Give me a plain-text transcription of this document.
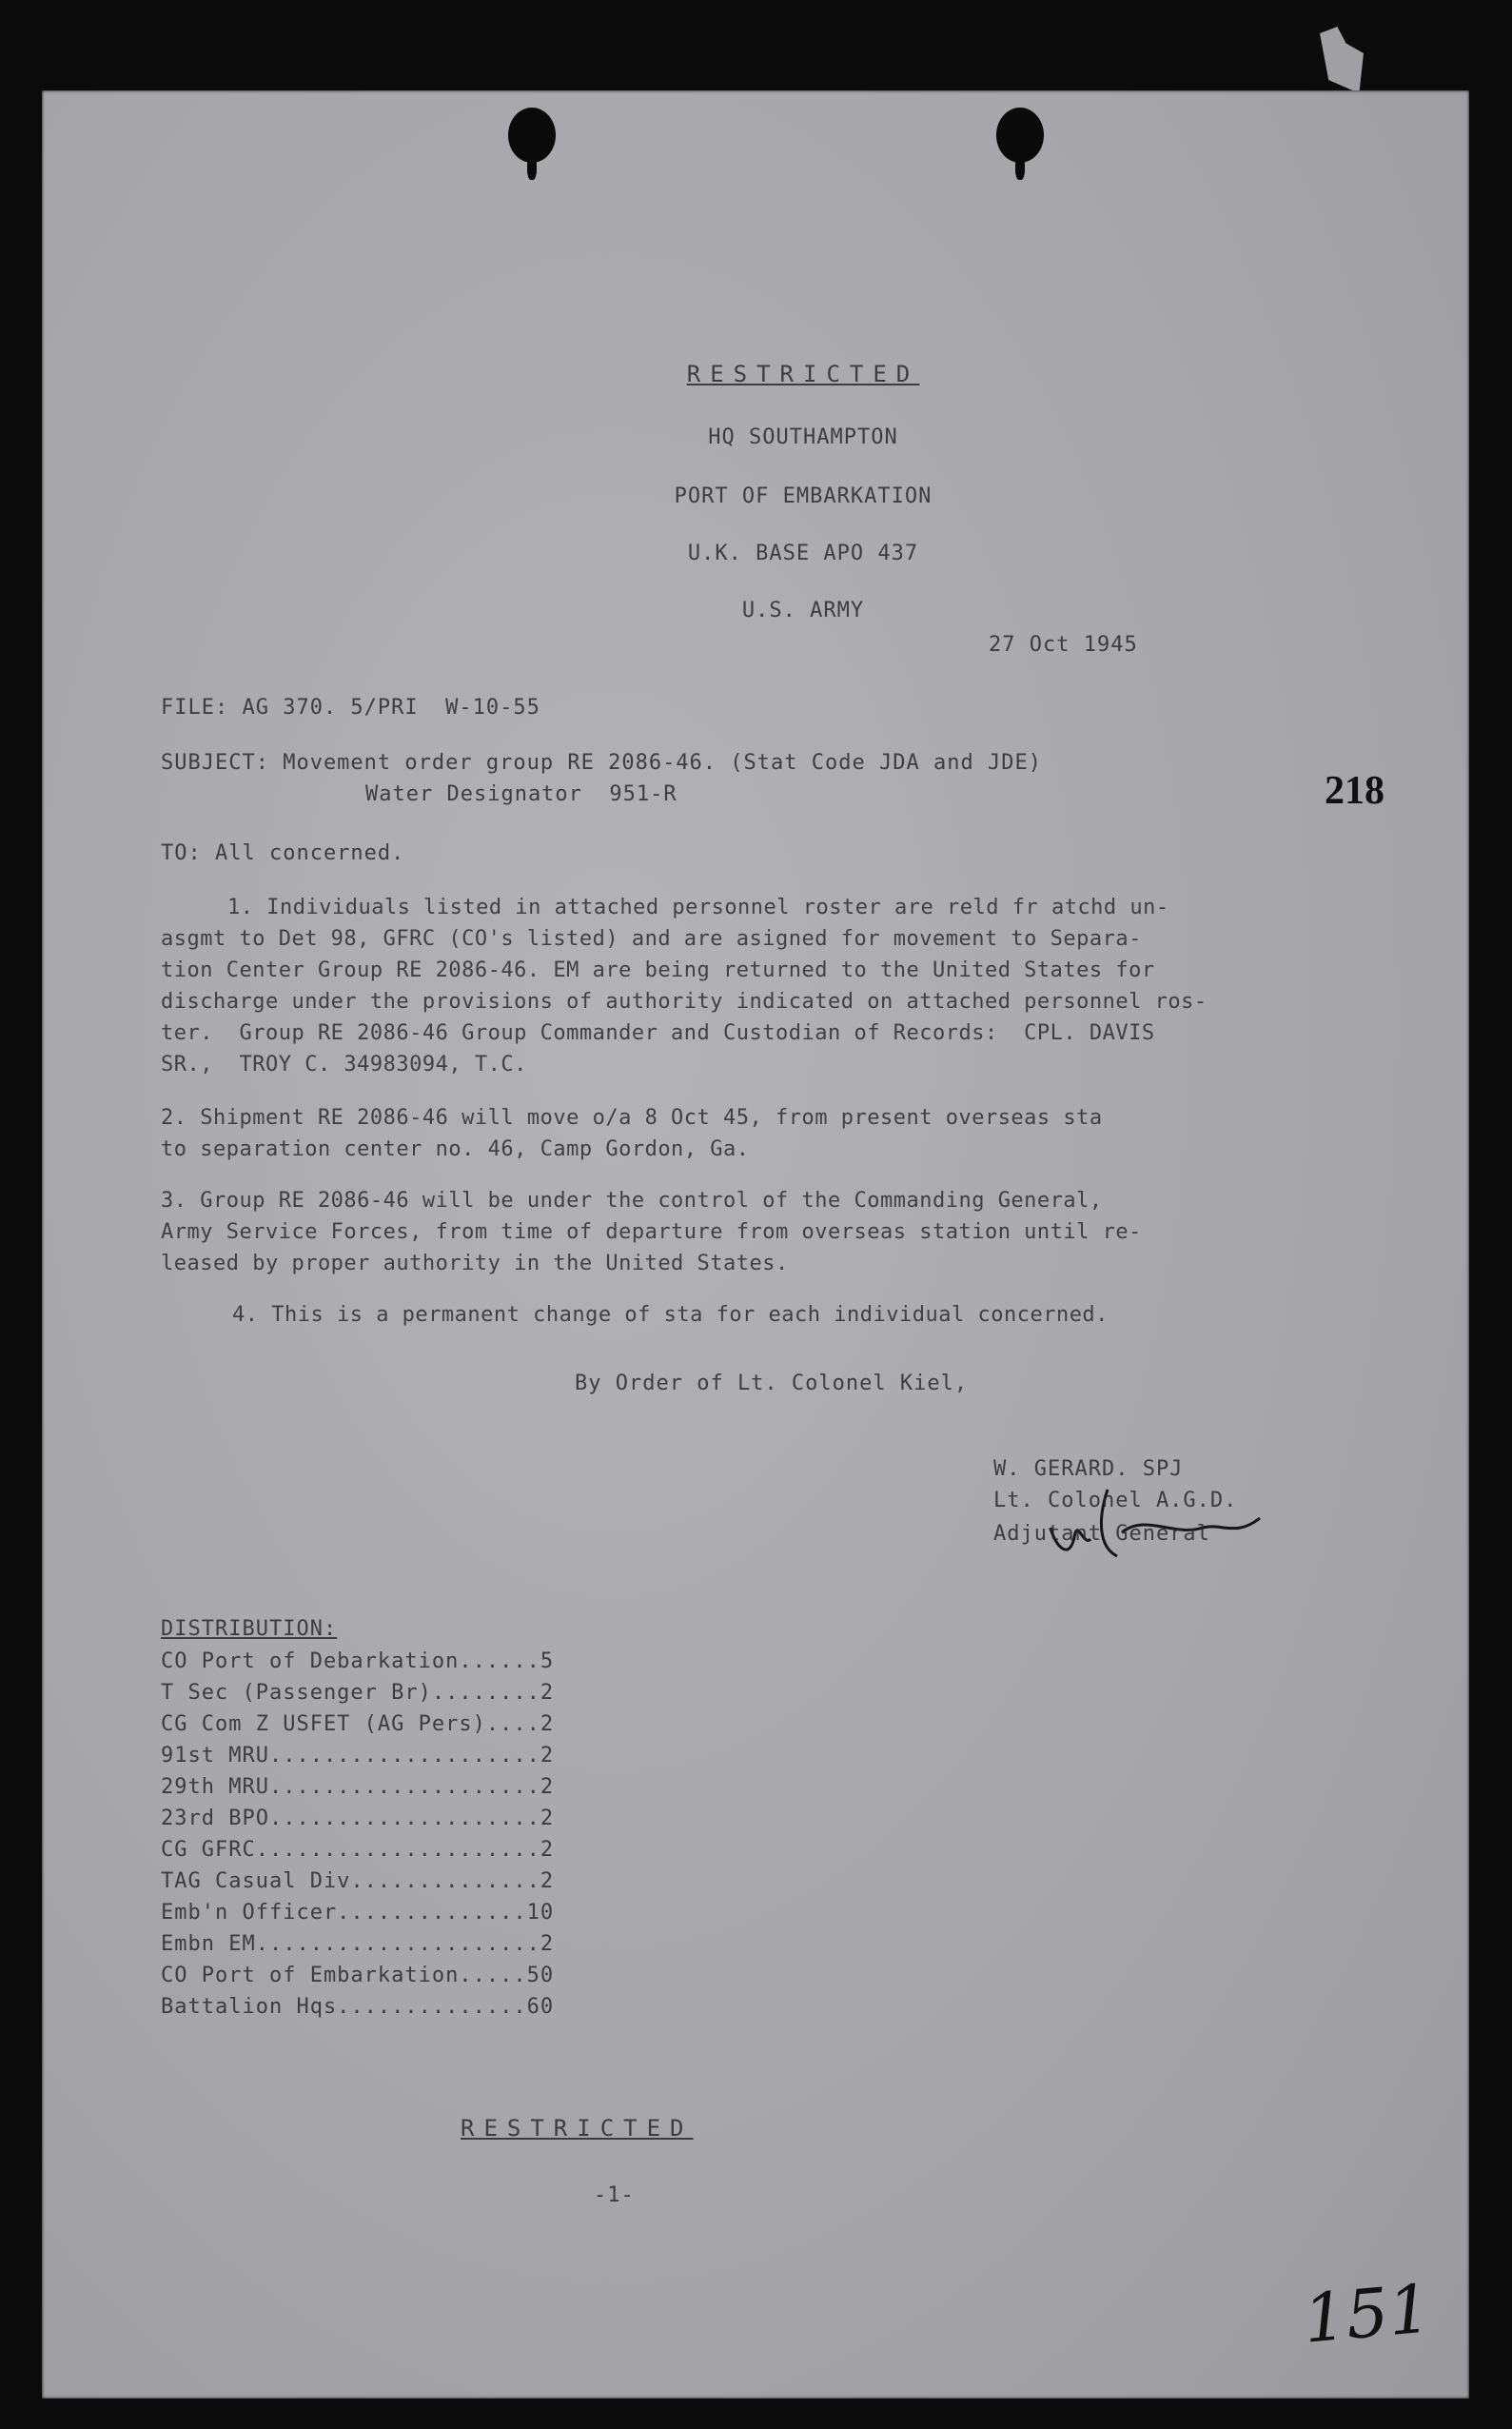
RESTRICTED
HQ SOUTHAMPTON
PORT OF EMBARKATION
U.K. BASE APO 437
U.S. ARMY
27 Oct 1945
218
FILE: AG 370. 5/PRI  W-10-55
SUBJECT: Movement order group RE 2086-46. (Stat Code JDA and JDE)
Water Designator  951-R
TO: All concerned.
1. Individuals listed in attached personnel roster are reld fr atchd un-
asgmt to Det 98, GFRC (CO's listed) and are asigned for movement to Separa-
tion Center Group RE 2086-46. EM are being returned to the United States for
discharge under the provisions of authority indicated on attached personnel ros-
ter.  Group RE 2086-46 Group Commander and Custodian of Records:  CPL. DAVIS
SR.,  TROY C. 34983094, T.C.
2. Shipment RE 2086-46 will move o/a 8 Oct 45, from present overseas sta
to separation center no. 46, Camp Gordon, Ga.
3. Group RE 2086-46 will be under the control of the Commanding General,
Army Service Forces, from time of departure from overseas station until re-
leased by proper authority in the United States.
4. This is a permanent change of sta for each individual concerned.
By Order of Lt. Colonel Kiel,
W. GERARD. SPJ
Lt. Colonel A.G.D.
Adjutant General
DISTRIBUTION:
CO Port of Debarkation......5
T Sec (Passenger Br)........2
CG Com Z USFET (AG Pers)....2
91st MRU....................2
29th MRU....................2
23rd BPO....................2
CG GFRC.....................2
TAG Casual Div..............2
Emb'n Officer..............10
Embn EM.....................2
CO Port of Embarkation.....50
Battalion Hqs..............60
RESTRICTED
-1-
151
